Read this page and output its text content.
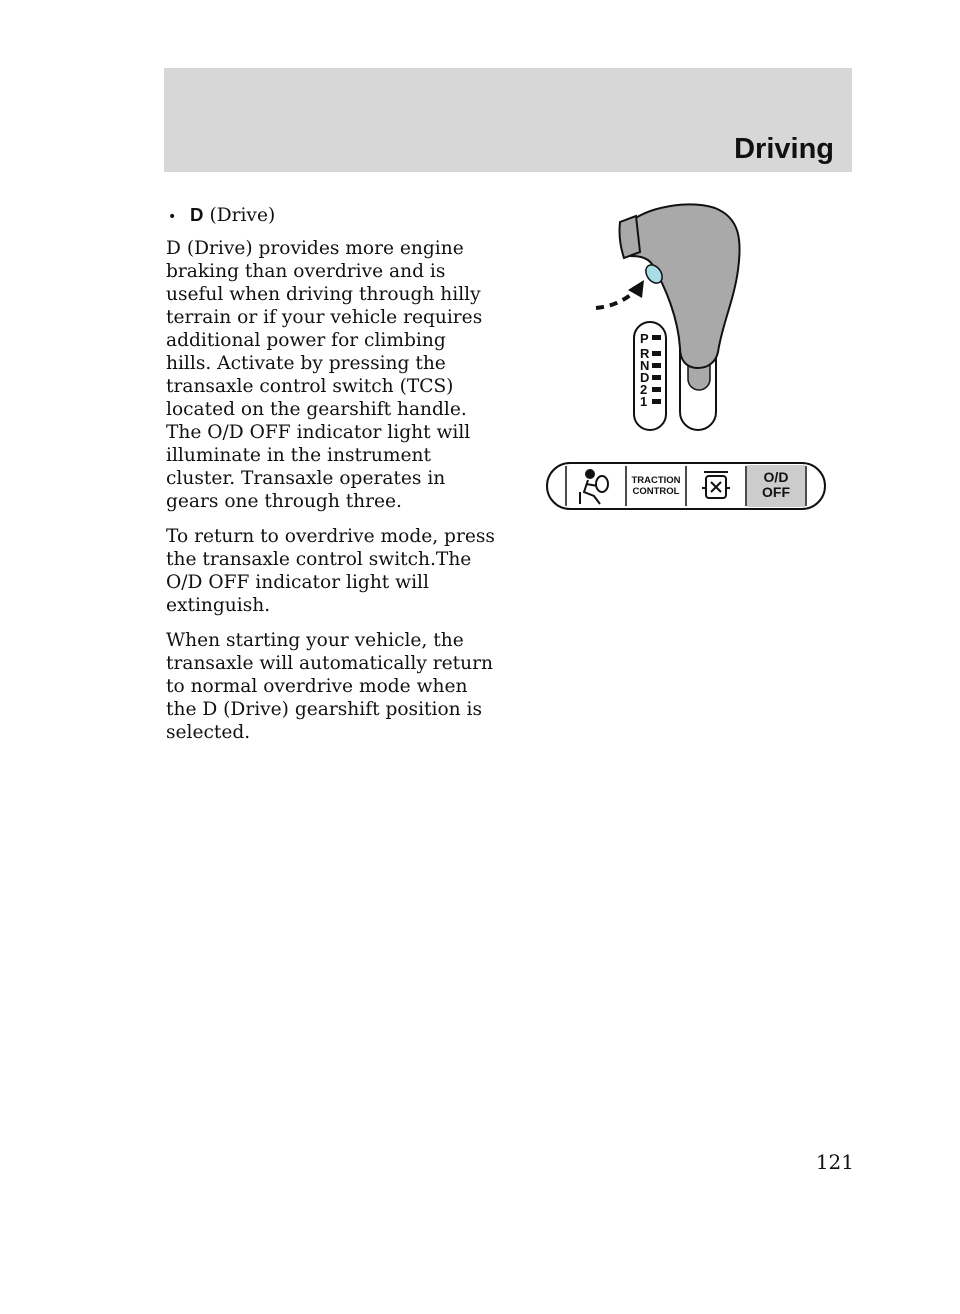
Driving
• D (Drive)

D (Drive) provides more engine braking than overdrive and is useful when driving through hilly terrain or if your vehicle requires additional power for climbing hills. Activate by pressing the transaxle control switch (TCS) located on the gearshift handle. The O/D OFF indicator light will illuminate in the instrument cluster. Transaxle operates in gears one through three.

To return to overdrive mode, press the transaxle control switch.The O/D OFF indicator light will extinguish.

When starting your vehicle, the transaxle will automatically return to normal overdrive mode when the D (Drive) gearshift position is selected.

P
R
N
D
2
1
TRACTION
CONTROL
O/D
OFF

121
